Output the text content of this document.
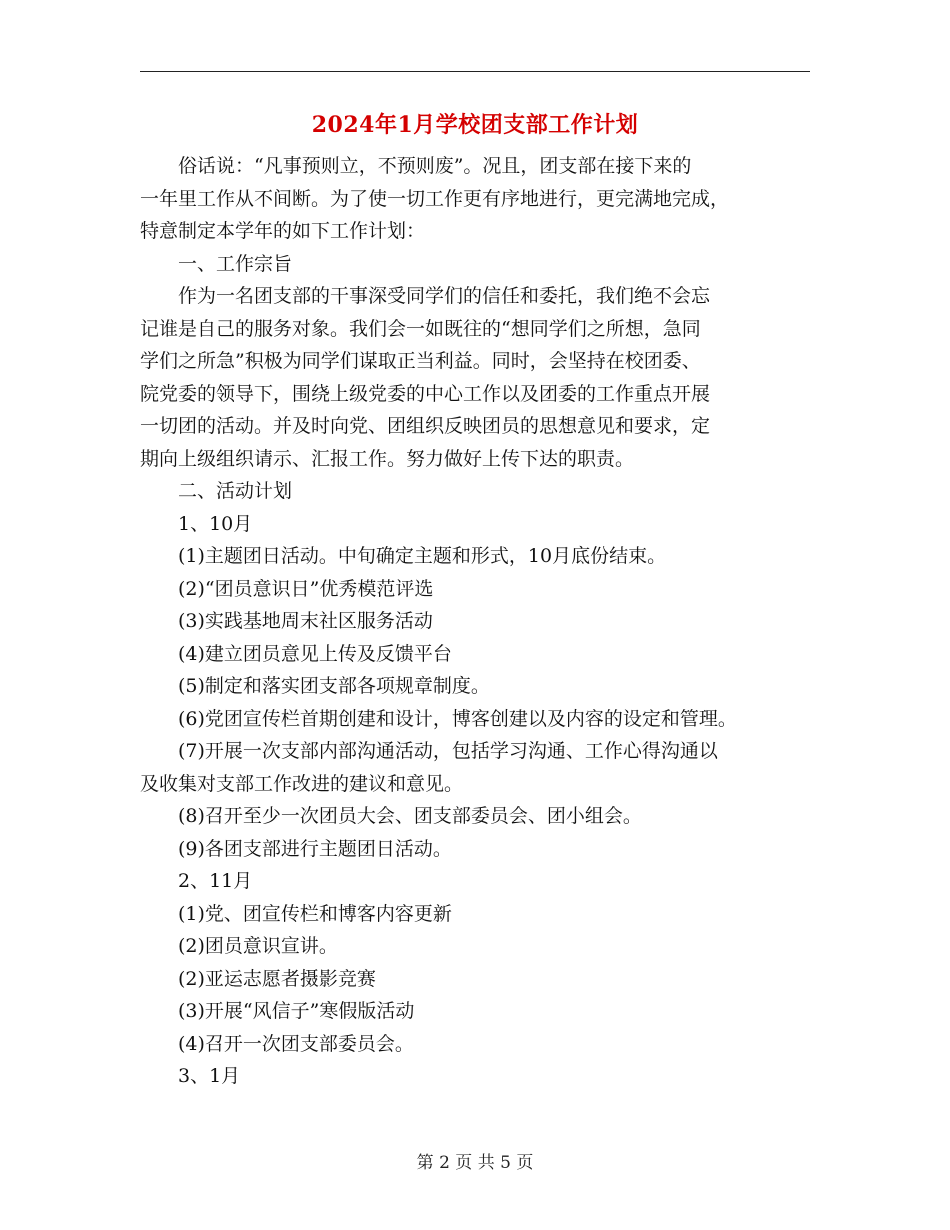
2024年1月学校团支部工作计划

　　俗话说：“凡事预则立，不预则废”。况且，团支部在接下来的

一年里工作从不间断。为了使一切工作更有序地进行，更完满地完成，

特意制定本学年的如下工作计划：

　　一、工作宗旨

　　作为一名团支部的干事深受同学们的信任和委托，我们绝不会忘

记谁是自己的服务对象。我们会一如既往的“想同学们之所想，急同

学们之所急”积极为同学们谋取正当利益。同时，会坚持在校团委、

院党委的领导下，围绕上级党委的中心工作以及团委的工作重点开展

一切团的活动。并及时向党、团组织反映团员的思想意见和要求，定

期向上级组织请示、汇报工作。努力做好上传下达的职责。

　　二、活动计划

　　1、10月

　　(1)主题团日活动。中旬确定主题和形式，10月底份结束。

　　(2)“团员意识日”优秀模范评选

　　(3)实践基地周末社区服务活动

　　(4)建立团员意见上传及反馈平台

　　(5)制定和落实团支部各项规章制度。

　　(6)党团宣传栏首期创建和设计，博客创建以及内容的设定和管理。

　　(7)开展一次支部内部沟通活动，包括学习沟通、工作心得沟通以

及收集对支部工作改进的建议和意见。

　　(8)召开至少一次团员大会、团支部委员会、团小组会。

　　(9)各团支部进行主题团日活动。

　　2、11月

　　(1)党、团宣传栏和博客内容更新

　　(2)团员意识宣讲。

　　(2)亚运志愿者摄影竞赛

　　(3)开展“风信子”寒假版活动

　　(4)召开一次团支部委员会。

　　3、1月

第 2 页 共 5 页
